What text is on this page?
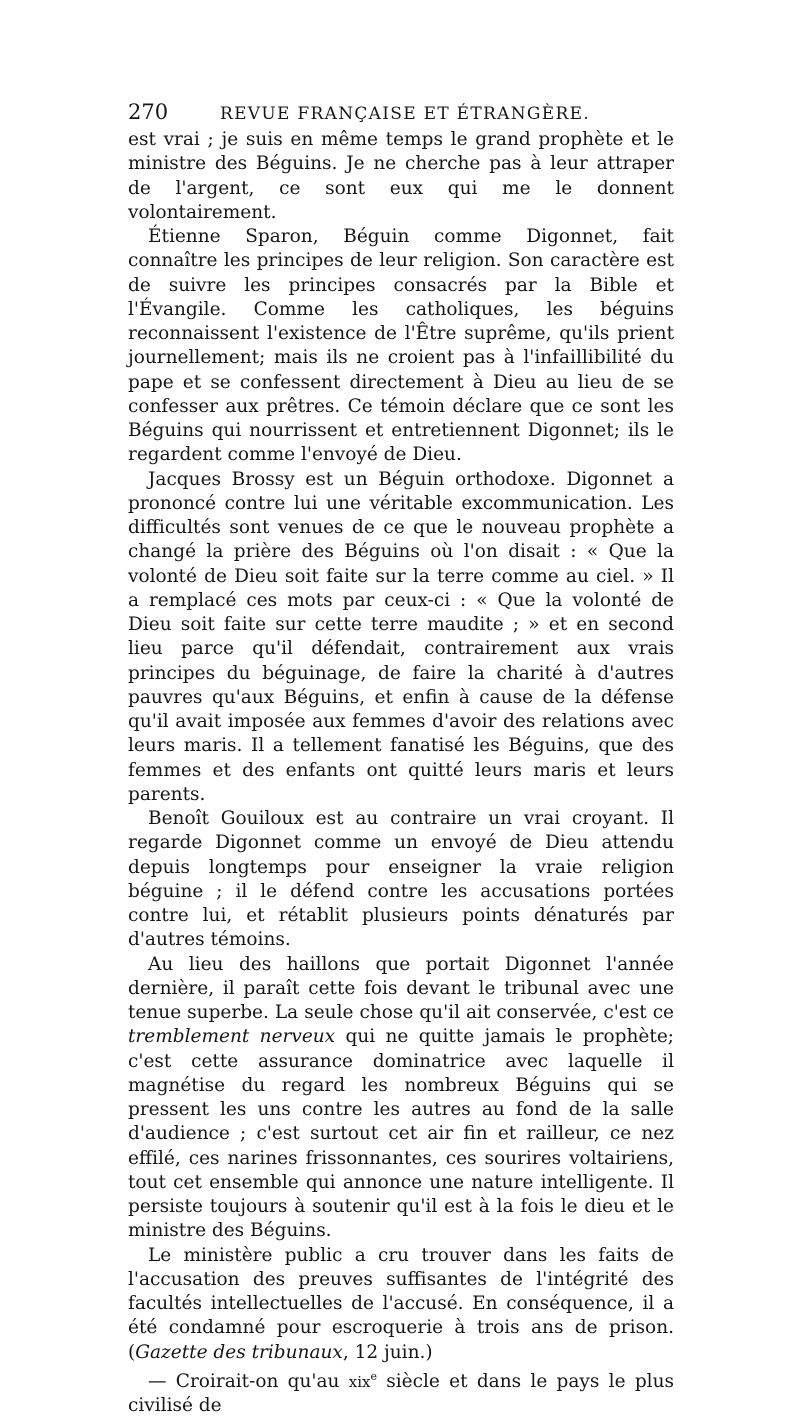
270	REVUE FRANÇAISE ET ÉTRANGÈRE.

est vrai ; je suis en même temps le grand prophète et le ministre des Béguins. Je ne cherche pas à leur attraper de l'argent, ce sont eux qui me le donnent volontairement.

Étienne Sparon, Béguin comme Digonnet, fait connaître les principes de leur religion. Son caractère est de suivre les principes consacrés par la Bible et l'Évangile. Comme les catholiques, les béguins reconnaissent l'existence de l'Être suprême, qu'ils prient journellement; mais ils ne croient pas à l'infaillibilité du pape et se confessent directement à Dieu au lieu de se confesser aux prêtres. Ce témoin déclare que ce sont les Béguins qui nourrissent et entretiennent Digonnet; ils le regardent comme l'envoyé de Dieu.

Jacques Brossy est un Béguin orthodoxe. Digonnet a prononcé contre lui une véritable excommunication. Les difficultés sont venues de ce que le nouveau prophète a changé la prière des Béguins où l'on disait : « Que la volonté de Dieu soit faite sur la terre comme au ciel. » Il a remplacé ces mots par ceux-ci : « Que la volonté de Dieu soit faite sur cette terre maudite ; » et en second lieu parce qu'il défendait, contrairement aux vrais principes du béguinage, de faire la charité à d'autres pauvres qu'aux Béguins, et enfin à cause de la défense qu'il avait imposée aux femmes d'avoir des relations avec leurs maris. Il a tellement fanatisé les Béguins, que des femmes et des enfants ont quitté leurs maris et leurs parents.

Benoît Gouiloux est au contraire un vrai croyant. Il regarde Digonnet comme un envoyé de Dieu attendu depuis longtemps pour enseigner la vraie religion béguine ; il le défend contre les accusations portées contre lui, et rétablit plusieurs points dénaturés par d'autres témoins.

Au lieu des haillons que portait Digonnet l'année dernière, il paraît cette fois devant le tribunal avec une tenue superbe. La seule chose qu'il ait conservée, c'est ce tremblement nerveux qui ne quitte jamais le prophète; c'est cette assurance dominatrice avec laquelle il magnétise du regard les nombreux Béguins qui se pressent les uns contre les autres au fond de la salle d'audience ; c'est surtout cet air fin et railleur, ce nez effilé, ces narines frissonnantes, ces sourires voltairiens, tout cet ensemble qui annonce une nature intelligente. Il persiste toujours à soutenir qu'il est à la fois le dieu et le ministre des Béguins.

Le ministère public a cru trouver dans les faits de l'accusation des preuves suffisantes de l'intégrité des facultés intellectuelles de l'accusé. En conséquence, il a été condamné pour escroquerie à trois ans de prison. (Gazette des tribunaux, 12 juin.)

— Croirait-on qu'au xix$^e$ siècle et dans le pays le plus civilisé de
